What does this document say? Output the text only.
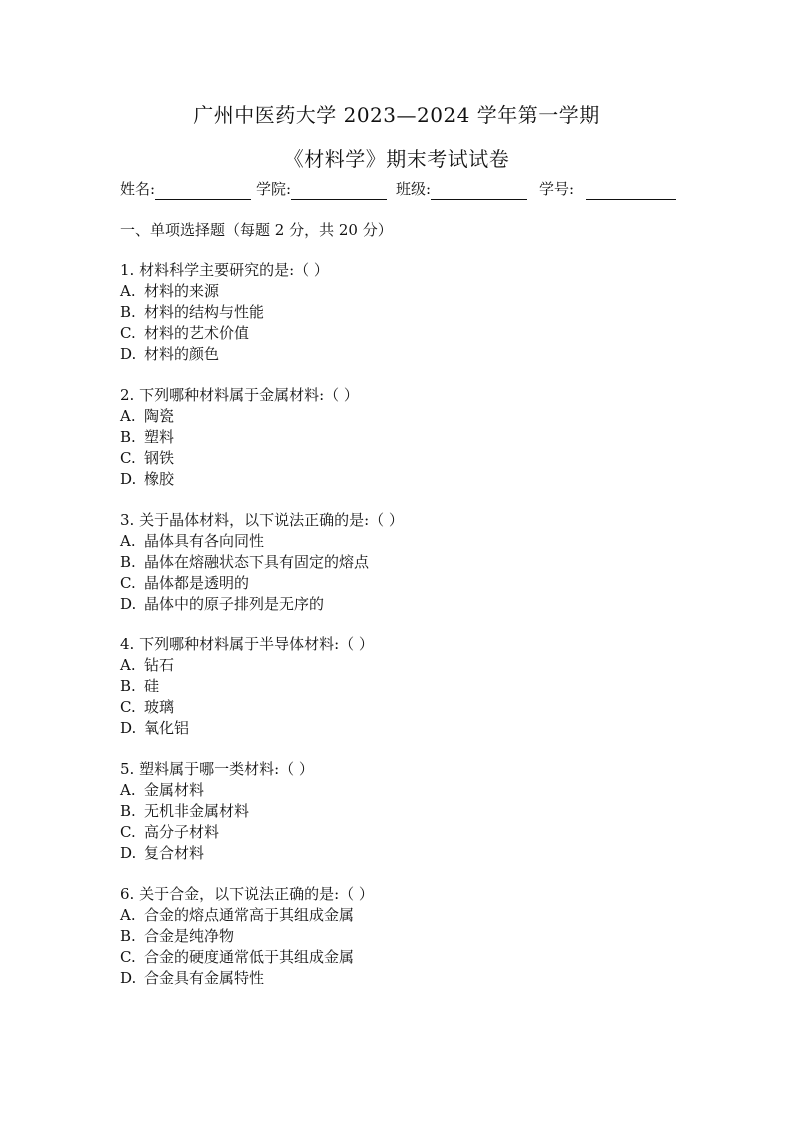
广州中医药大学 2023—2024 学年第一学期
《材料学》期末考试试卷
姓名:	学院:	班级:	学号:
一、单项选择题（每题 2 分，共 20 分）
1. 材料科学主要研究的是:（ ）
A. 材料的来源
B. 材料的结构与性能
C. 材料的艺术价值
D. 材料的颜色
2. 下列哪种材料属于金属材料:（ ）
A. 陶瓷
B. 塑料
C. 钢铁
D. 橡胶
3. 关于晶体材料，以下说法正确的是:（ ）
A. 晶体具有各向同性
B. 晶体在熔融状态下具有固定的熔点
C. 晶体都是透明的
D. 晶体中的原子排列是无序的
4. 下列哪种材料属于半导体材料:（ ）
A. 钻石
B. 硅
C. 玻璃
D. 氧化铝
5. 塑料属于哪一类材料:（ ）
A. 金属材料
B. 无机非金属材料
C. 高分子材料
D. 复合材料
6. 关于合金，以下说法正确的是:（ ）
A. 合金的熔点通常高于其组成金属
B. 合金是纯净物
C. 合金的硬度通常低于其组成金属
D. 合金具有金属特性
